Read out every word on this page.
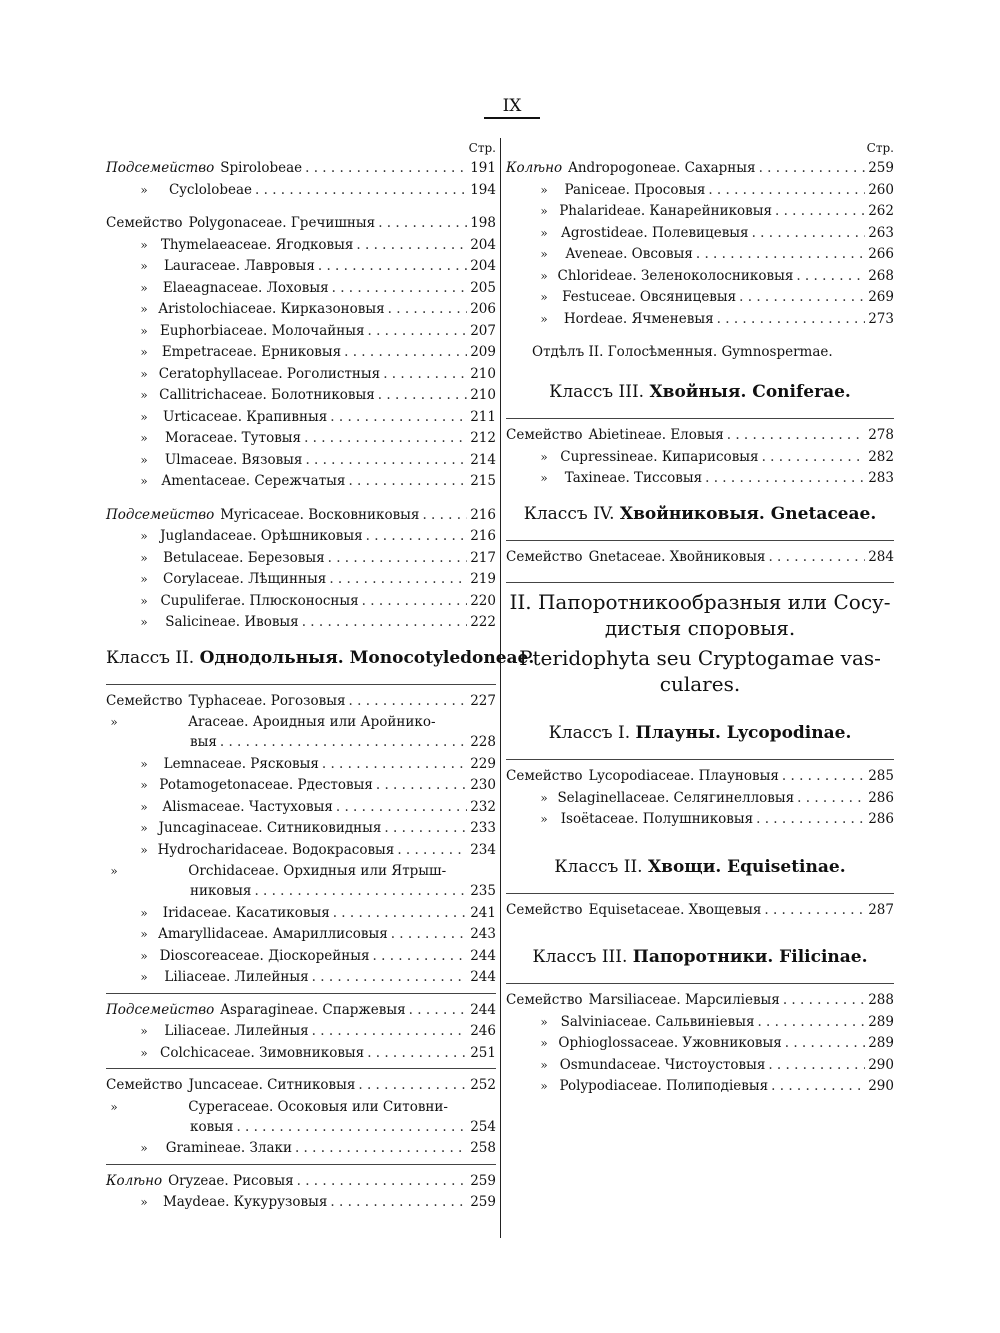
IX
Стр.
Подсемейство Spirolobeae . . .	191
»	Cyclolobeae . . .	194
Семейство Polygonaceae. Гречишныя . . .	198
» Thymelaeaceae. Ягодковыя . . .	204
»	Lauraceae. Лавровыя . . .	204
»	Elaeagnaceae. Лоховыя . . .	205
» Aristolochiaceae. Кирказоновыя . . .	206
» Euphorbiaceae. Молочайныя . . .	207
»	Empetraceae. Ерниковыя . . .	209
» Ceratophyllaceae. Роголистныя . . .	210
» Callitrichaceae. Болотниковыя . . .	210
»	Urticaceae. Крапивныя . . .	211
»	Moraceae. Тутовыя . . .	212
»	Ulmaceae. Вязовыя . . .	214
»	Amentaceae. Сережчатыя . . .	215
Подсемейство Myricaceae. Восковниковыя . . .	216
» Juglandaceae. Орѣшниковыя . . .	216
»	Betulaceae. Березовыя . . .	217
»	Corylaceae. Лѣщинныя . . .	219
» Cupuliferae. Плюсконосныя . . .	220
»	Salicineae. Ивовыя . . .	222
Классъ II. Однодольныя. Monocotyledoneae.
Семейство Typhaceae. Рогозовыя . . .	227
»	Araceae. Ароидныя или Аройнико-
выя . . .	228
»	Lemnaceae. Рясковыя . . .	229
» Potamogetonaceae. Рдестовыя . . .	230
»	Alismaceae. Частуховыя . . .	232
» Juncaginaceae. Ситниковидныя . . .	233
» Hydrocharidaceae. Водокрасовыя . . .	234
»	Orchidaceae. Орхидныя или Ятрыш-
никовыя . . .	235
»	Iridaceae. Касатиковыя . . .	241
» Amaryllidaceae. Амариллисовыя . . .	243
» Dioscoreaceae. Діоскорейныя . . .	244
»	Liliaceae. Лилейныя . . .	244
Подсемейство Asparagineae. Спаржевыя . . .	244
»	Liliaceae. Лилейныя . . .	246
» Colchicaceae. Зимовниковыя . . .	251
Семейство Juncaceae. Ситниковыя . . .	252
»	Cyperaceae. Осоковыя или Ситовни-
ковыя . . .	254
»	Gramineae. Злаки . . .	258
Колѣно Oryzeae. Рисовыя . . .	259
»	Maydeae. Кукурузовыя . . .	259
Стр.
Колѣно Andropogoneae. Сахарныя . . .	259
»	Paniceae. Просовыя . . .	260
» Phalarideae. Канарейниковыя . . .	262
» Agrostideae. Полевицевыя . . .	263
»	Aveneae. Овсовыя . . .	266
» Chlorideae. Зеленоколосниковыя . . .	268
»	Festuceae. Овсяницевыя . . .	269
»	Hordeae. Ячменевыя . . .	273
Отдѣлъ II. Голосѣменныя. Gymnospermae.
Классъ III. Хвойныя. Coniferae.
Семейство Abietineae. Еловыя . . .	278
» Cupressineae. Кипарисовыя . . .	282
»	Taxineae. Тиссовыя . . .	283
Классъ IV. Хвойниковыя. Gnetaceae.
Семейство Gnetaceae. Хвойниковыя . . .	284
II. Папоротникообразныя или Сосу-
дистыя споровыя.
Pteridophyta seu Cryptogamae vas-
culares.
Классъ I. Плауны. Lycopodinae.
Семейство Lycopodiaceae. Плауновыя . . .	285
» Selaginellaceae. Селягинелловыя . . .	286
» Isoëtaceae. Полушниковыя . . .	286
Классъ II. Хвощи. Equisetinae.
Семейство Equisetaceae. Хвощевыя . . .	287
Классъ III. Папоротники. Filicinae.
Семейство Marsiliaceae. Марсиліевыя . . .	288
» Salviniaceae. Сальвиніевыя . . .	289
» Ophioglossaceae. Ужовниковыя . . .	289
» Osmundaceae. Чистоустовыя . . .	290
» Polypodiaceae. Полиподіевыя . . .	290
